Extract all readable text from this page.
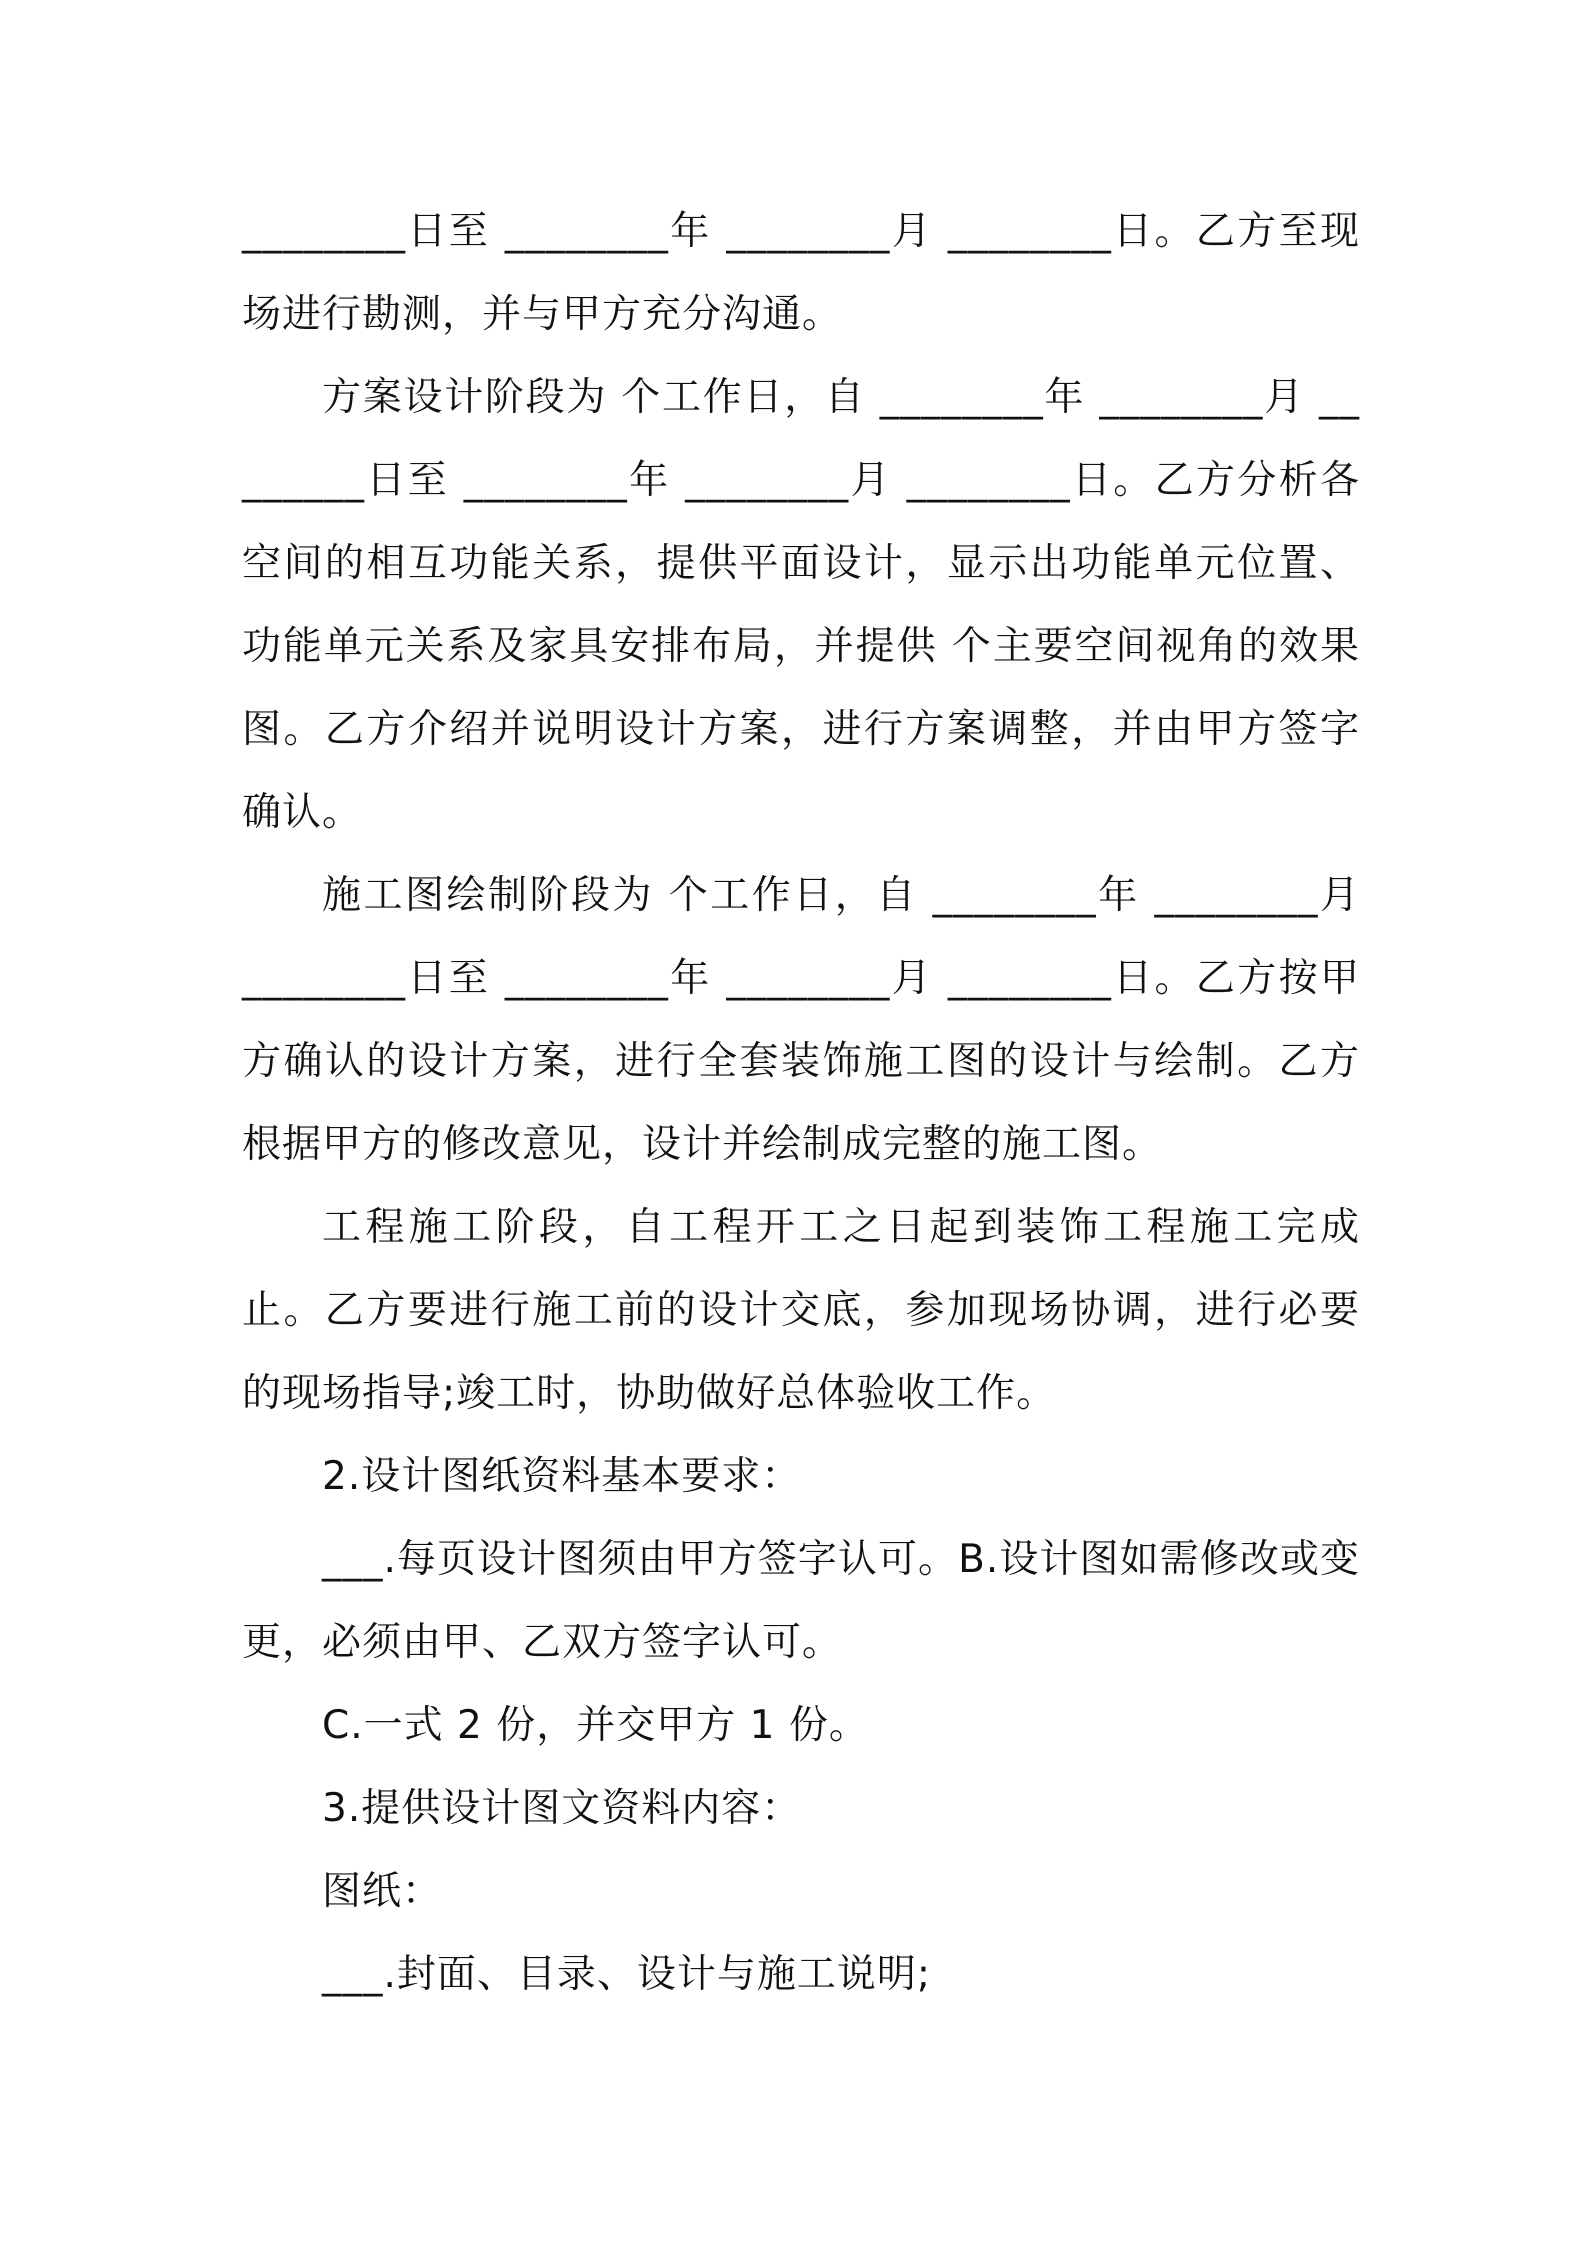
________日至 ________年 ________月 ________日。乙方至现场进行勘测，并与甲方充分沟通。

方案设计阶段为 个工作日，自 ________年 ________月 ________日至 ________年 ________月 ________日。乙方分析各空间的相互功能关系，提供平面设计，显示出功能单元位置、功能单元关系及家具安排布局，并提供 个主要空间视角的效果图。乙方介绍并说明设计方案，进行方案调整，并由甲方签字确认。

施工图绘制阶段为 个工作日，自 ________年 ________月 ________日至 ________年 ________月 ________日。乙方按甲方确认的设计方案，进行全套装饰施工图的设计与绘制。乙方根据甲方的修改意见，设计并绘制成完整的施工图。

工程施工阶段，自工程开工之日起到装饰工程施工完成止。乙方要进行施工前的设计交底，参加现场协调，进行必要的现场指导;竣工时，协助做好总体验收工作。

2.设计图纸资料基本要求：

___.每页设计图须由甲方签字认可。B.设计图如需修改或变更，必须由甲、乙双方签字认可。

C.一式 2 份，并交甲方 1 份。

3.提供设计图文资料内容：

图纸：

___.封面、目录、设计与施工说明;
